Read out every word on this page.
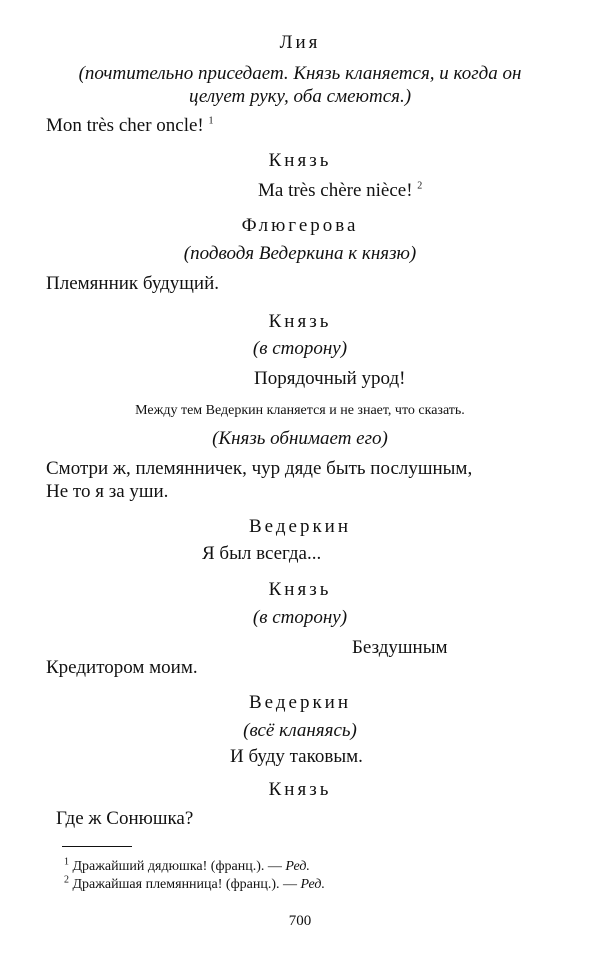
Лия
(почтительно приседает. Князь кланяется, и когда он
целует руку, оба смеются.)
Mon très cher oncle! $^1$
Князь
Ma très chère nièce! $^2$
Флюгерова
(подводя Ведеркина к князю)
Племянник будущий.
Князь
(в сторону)
Порядочный урод!
Между тем Ведеркин кланяется и не знает, что сказать.
(Князь обнимает его)
Смотри ж, племянничек, чур дяде быть послушным,
Не то я за уши.
Ведеркин
Я был всегда...
Князь
(в сторону)
Бездушным
Кредитором моим.
Ведеркин
(всё кланяясь)
И буду таковым.
Князь
Где ж Сонюшка?
$^1$ Дражайший дядюшка! (франц.). — Ред.
$^2$ Дражайшая племянница! (франц.). — Ред.
700
